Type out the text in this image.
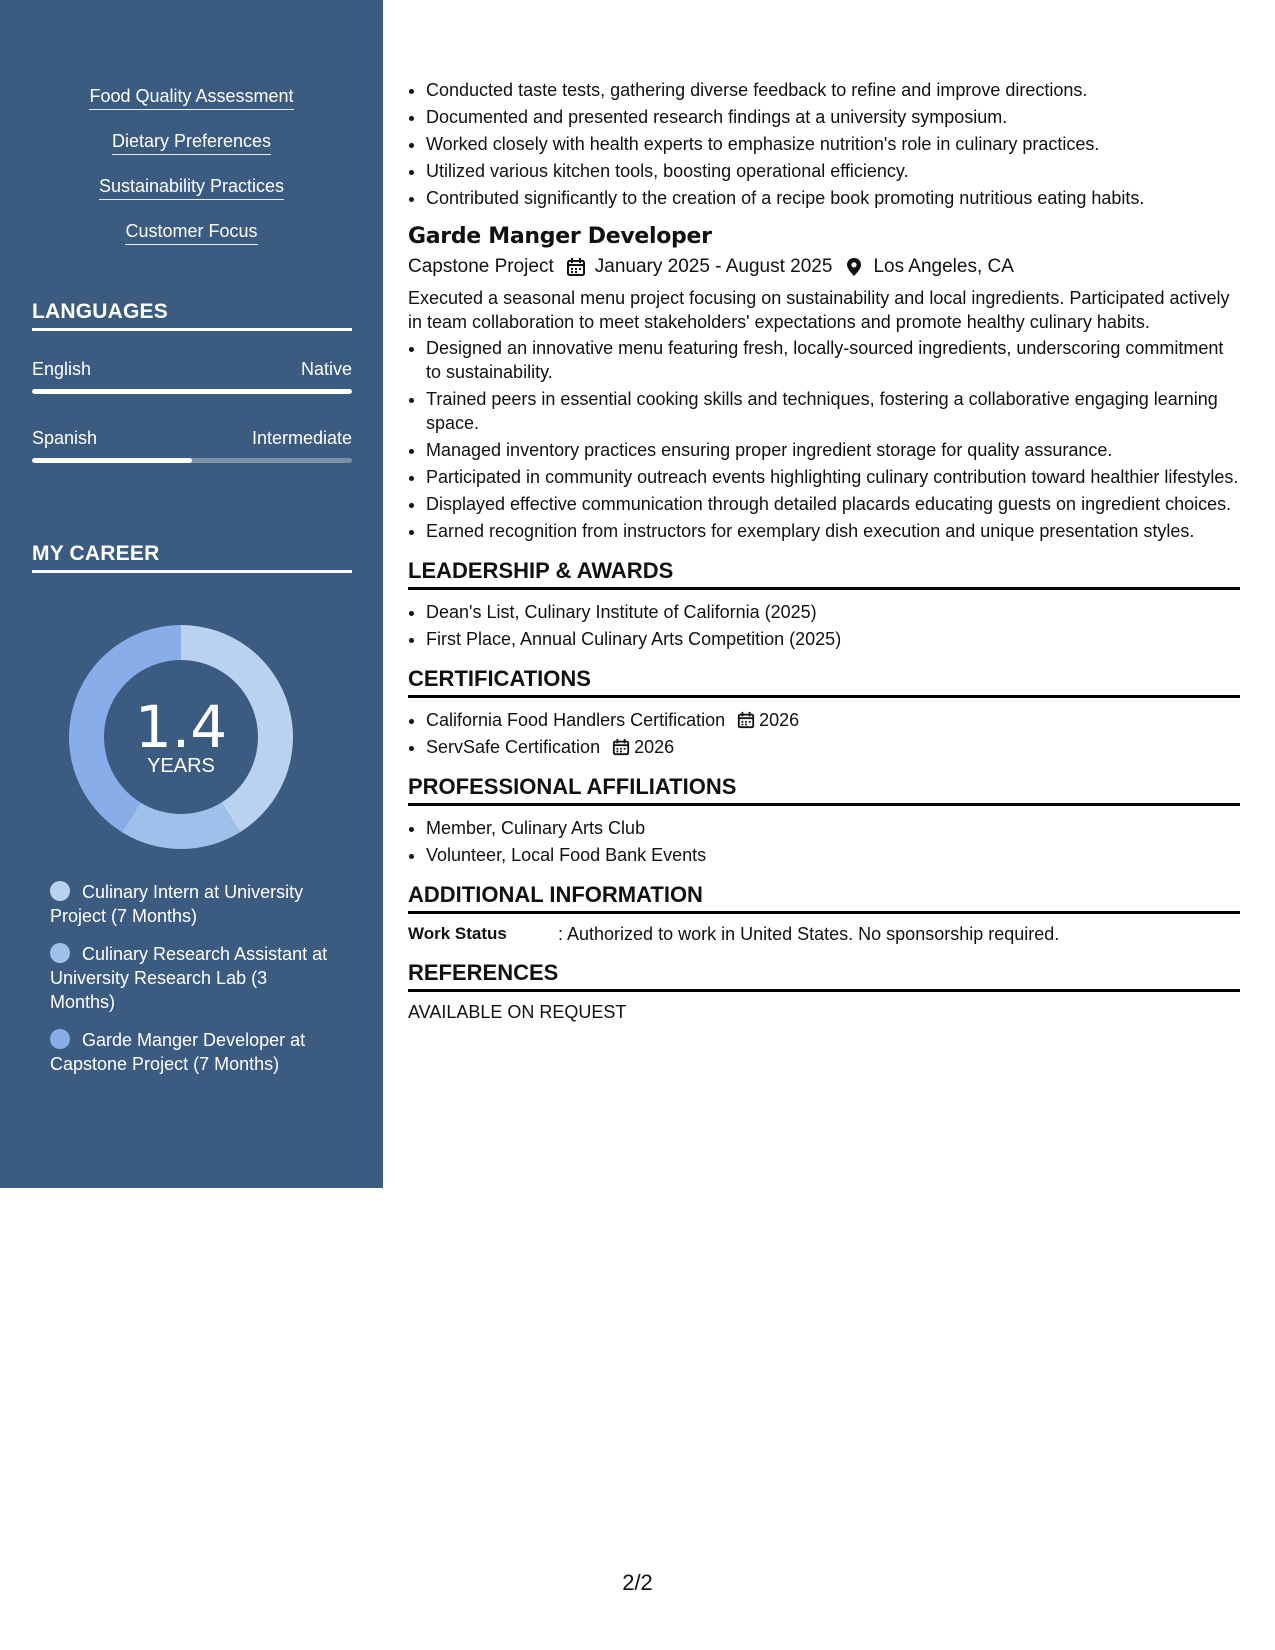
Food Quality Assessment
Dietary Preferences
Sustainability Practices
Customer Focus
LANGUAGES
English	Native
Spanish	Intermediate
MY CAREER
1.4
YEARS
Culinary Intern at University Project (7 Months)
Culinary Research Assistant at University Research Lab (3 Months)
Garde Manger Developer at Capstone Project (7 Months)
• Conducted taste tests, gathering diverse feedback to refine and improve directions.
• Documented and presented research findings at a university symposium.
• Worked closely with health experts to emphasize nutrition's role in culinary practices.
• Utilized various kitchen tools, boosting operational efficiency.
• Contributed significantly to the creation of a recipe book promoting nutritious eating habits.
Garde Manger Developer
Capstone Project January 2025 - August 2025 Los Angeles, CA
Executed a seasonal menu project focusing on sustainability and local ingredients. Participated actively in team collaboration to meet stakeholders' expectations and promote healthy culinary habits.
• Designed an innovative menu featuring fresh, locally-sourced ingredients, underscoring commitment to sustainability.
• Trained peers in essential cooking skills and techniques, fostering a collaborative engaging learning space.
• Managed inventory practices ensuring proper ingredient storage for quality assurance.
• Participated in community outreach events highlighting culinary contribution toward healthier lifestyles.
• Displayed effective communication through detailed placards educating guests on ingredient choices.
• Earned recognition from instructors for exemplary dish execution and unique presentation styles.
LEADERSHIP & AWARDS
• Dean's List, Culinary Institute of California (2025)
• First Place, Annual Culinary Arts Competition (2025)
CERTIFICATIONS
• California Food Handlers Certification 2026
• ServSafe Certification 2026
PROFESSIONAL AFFILIATIONS
• Member, Culinary Arts Club
• Volunteer, Local Food Bank Events
ADDITIONAL INFORMATION
Work Status	: Authorized to work in United States. No sponsorship required.
REFERENCES
AVAILABLE ON REQUEST
2/2
